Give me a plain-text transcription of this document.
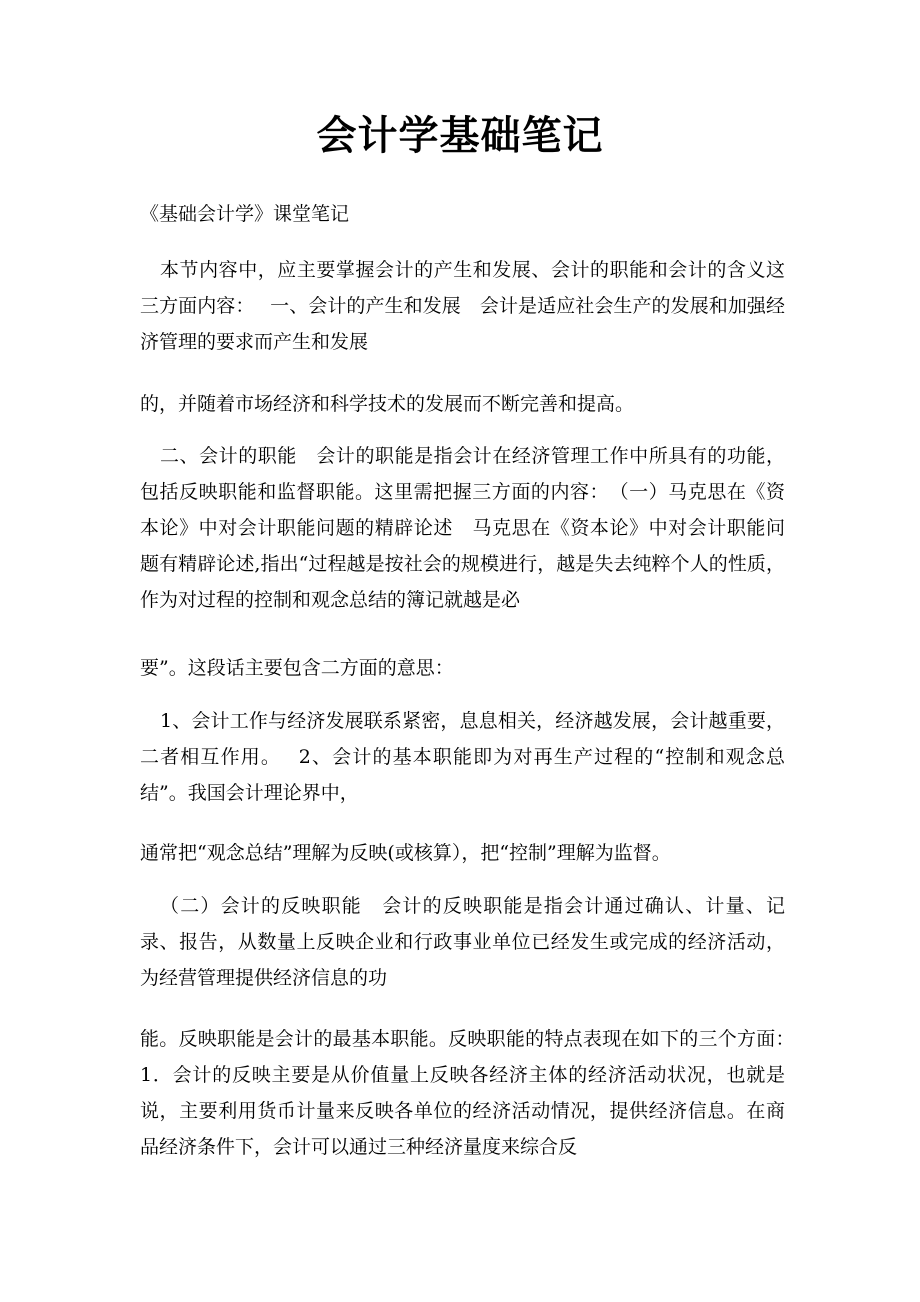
会计学基础笔记
《基础会计学》课堂笔记

本节内容中，应主要掌握会计的产生和发展、会计的职能和会计的含义这三方面内容：　 一、会计的产生和发展　会计是适应社会生产的发展和加强经济管理的要求而产生和发展

的，并随着市场经济和科学技术的发展而不断完善和提高。

二、会计的职能　会计的职能是指会计在经济管理工作中所具有的功能，包括反映职能和监督职能。这里需把握三方面的内容：　（一）马克思在《资本论》中对会计职能问题的精辟论述　马克思在《资本论》中对会计职能问题有精辟论述,指出“过程越是按社会的规模进行，越是失去纯粹个人的性质，作为对过程的控制和观念总结的簿记就越是必

要”。这段话主要包含二方面的意思：

1、会计工作与经济发展联系紧密，息息相关，经济越发展，会计越重要，二者相互作用。　 2、会计的基本职能即为对再生产过程的“控制和观念总结”。我国会计理论界中，

通常把“观念总结”理解为反映(或核算），把“控制”理解为监督。

（二）会计的反映职能　会计的反映职能是指会计通过确认、计量、记录、报告，从数量上反映企业和行政事业单位已经发生或完成的经济活动，为经营管理提供经济信息的功

能。反映职能是会计的最基本职能。反映职能的特点表现在如下的三个方面：　　1．会计的反映主要是从价值量上反映各经济主体的经济活动状况，也就是说，主要利用货币计量来反映各单位的经济活动情况，提供经济信息。在商品经济条件下，会计可以通过三种经济量度来综合反
